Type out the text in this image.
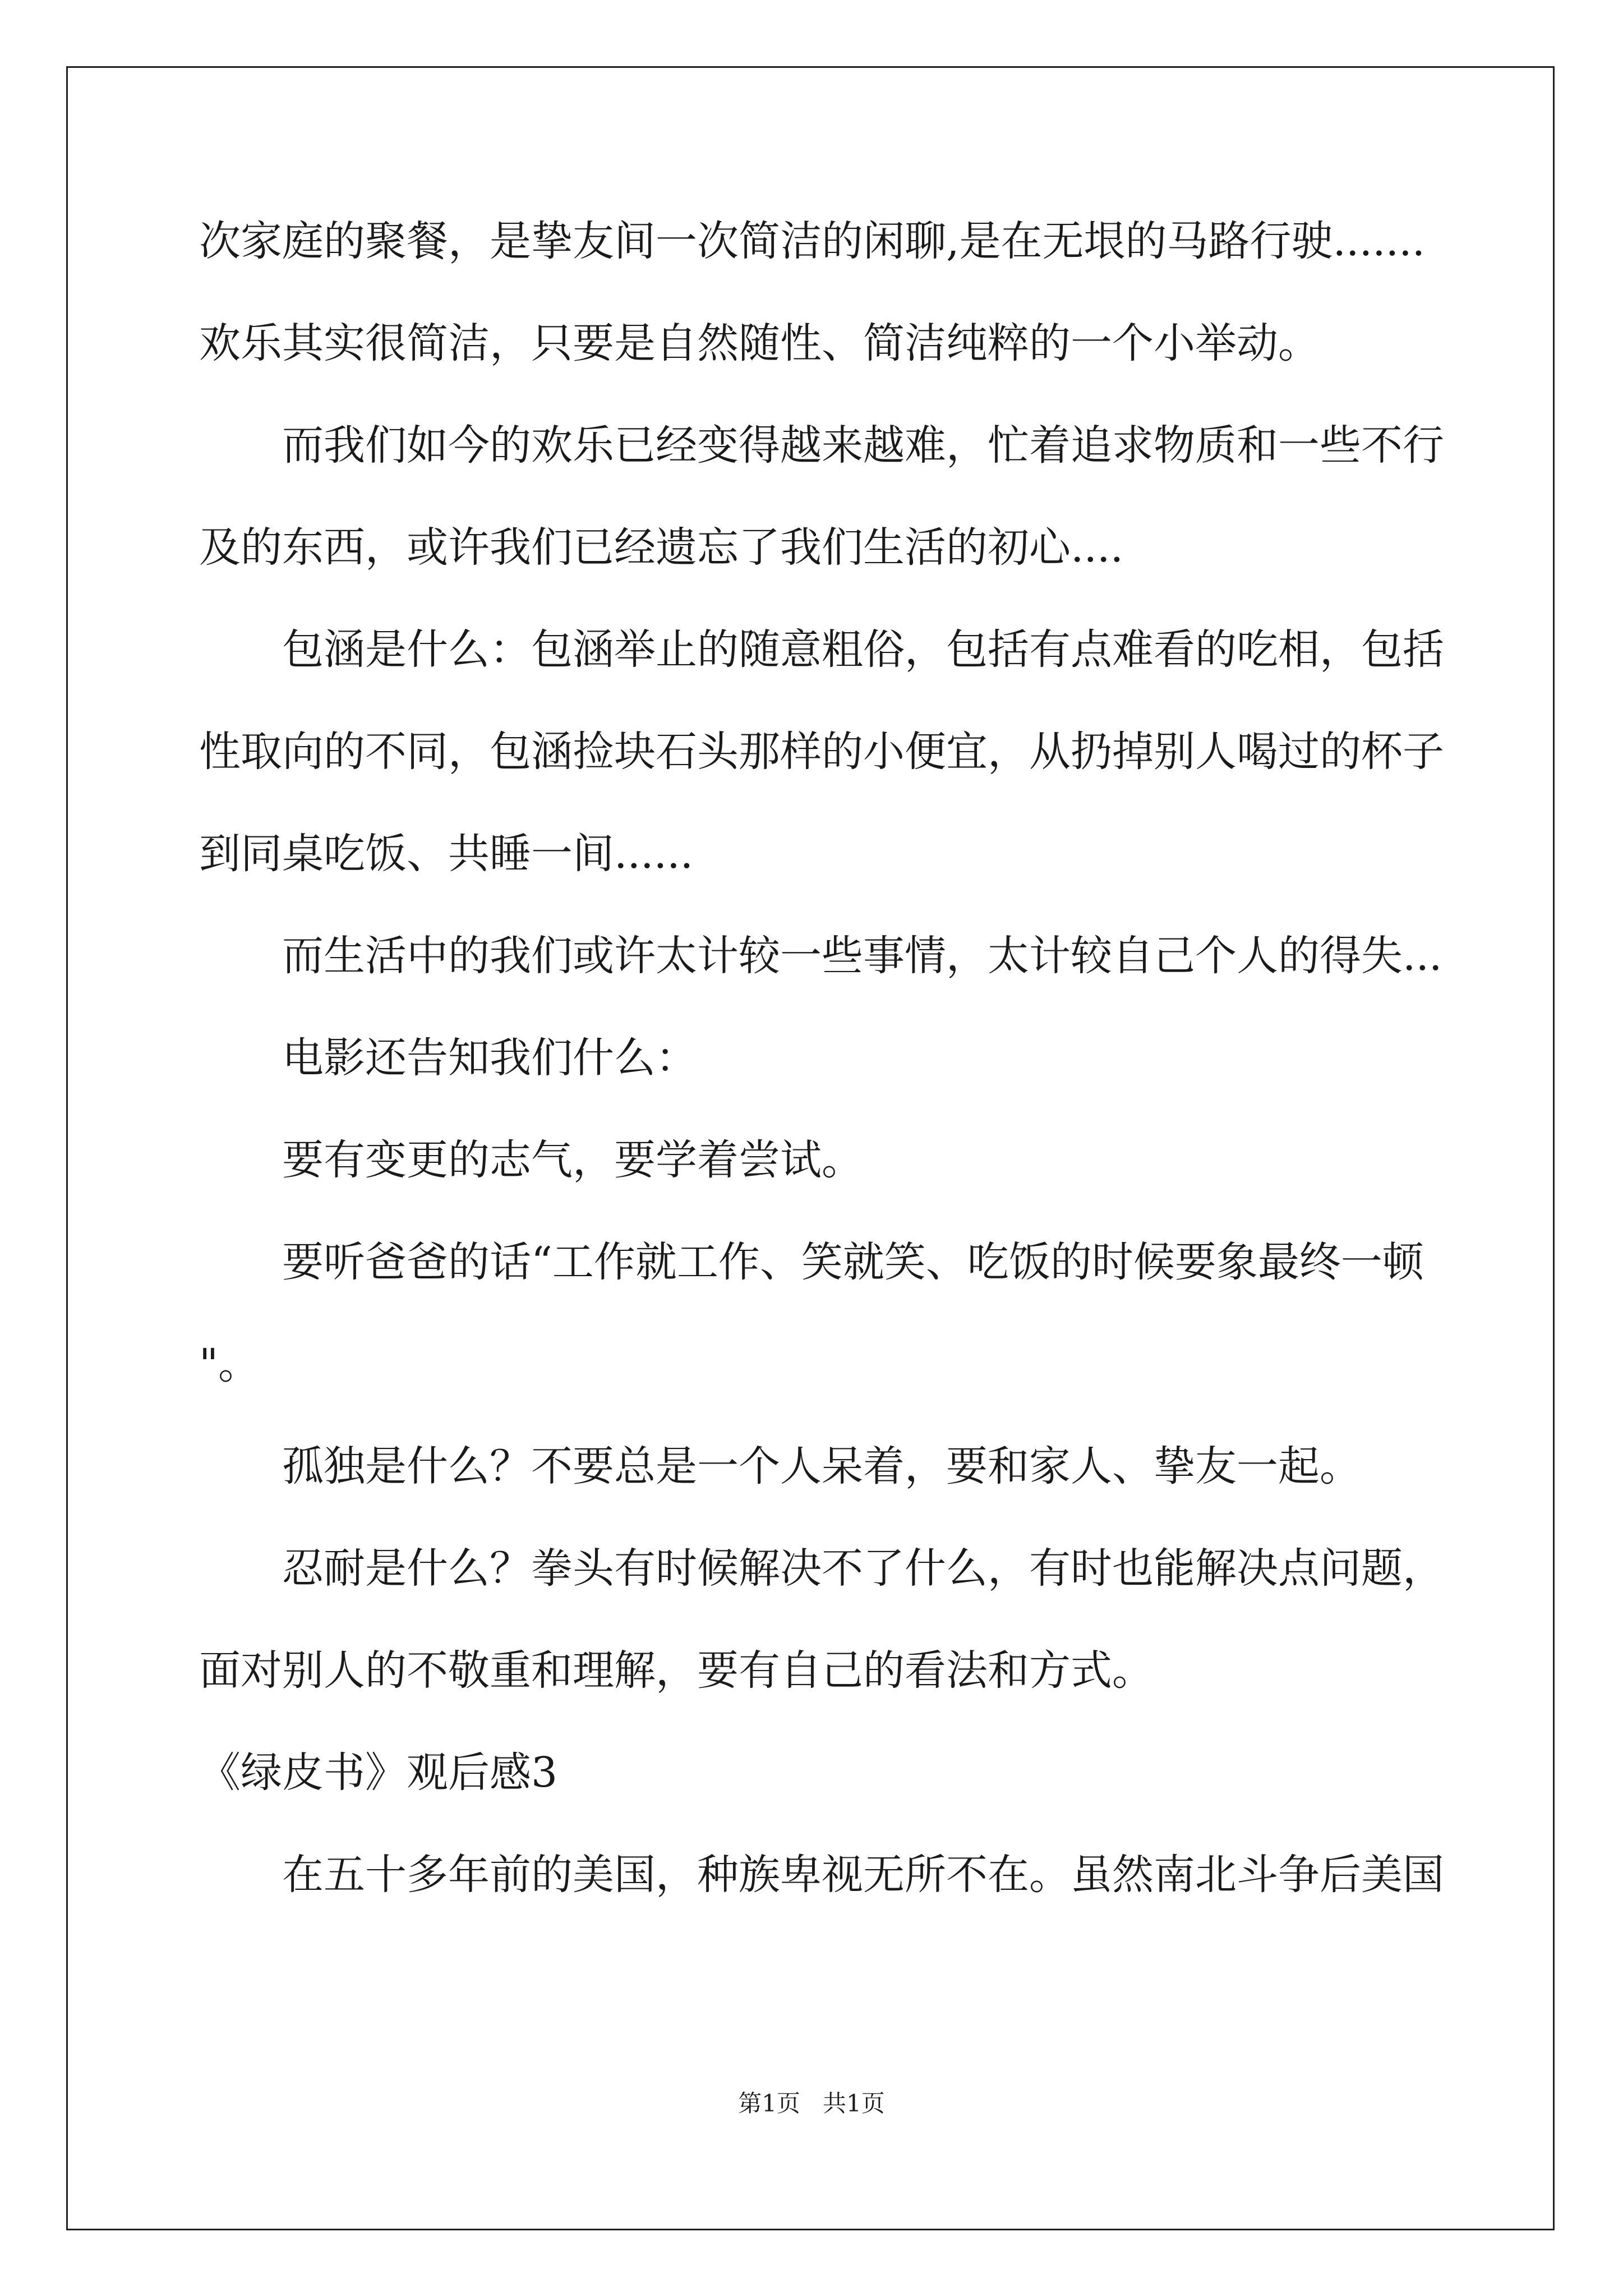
次家庭的聚餐，是挚友间一次简洁的闲聊,是在无垠的马路行驶.......
欢乐其实很简洁，只要是自然随性、简洁纯粹的一个小举动。
而我们如今的欢乐已经变得越来越难，忙着追求物质和一些不行
及的东西，或许我们已经遗忘了我们生活的初心....
包涵是什么：包涵举止的随意粗俗，包括有点难看的吃相，包括
性取向的不同，包涵捡块石头那样的小便宜，从扔掉别人喝过的杯子
到同桌吃饭、共睡一间......
而生活中的我们或许太计较一些事情，太计较自己个人的得失...
电影还告知我们什么：
要有变更的志气，要学着尝试。
要听爸爸的话“工作就工作、笑就笑、吃饭的时候要象最终一顿
"。
孤独是什么？不要总是一个人呆着，要和家人、挚友一起。
忍耐是什么？拳头有时候解决不了什么，有时也能解决点问题，
面对别人的不敬重和理解，要有自己的看法和方式。
《绿皮书》观后感3
在五十多年前的美国，种族卑视无所不在。虽然南北斗争后美国
第1页   共1页
